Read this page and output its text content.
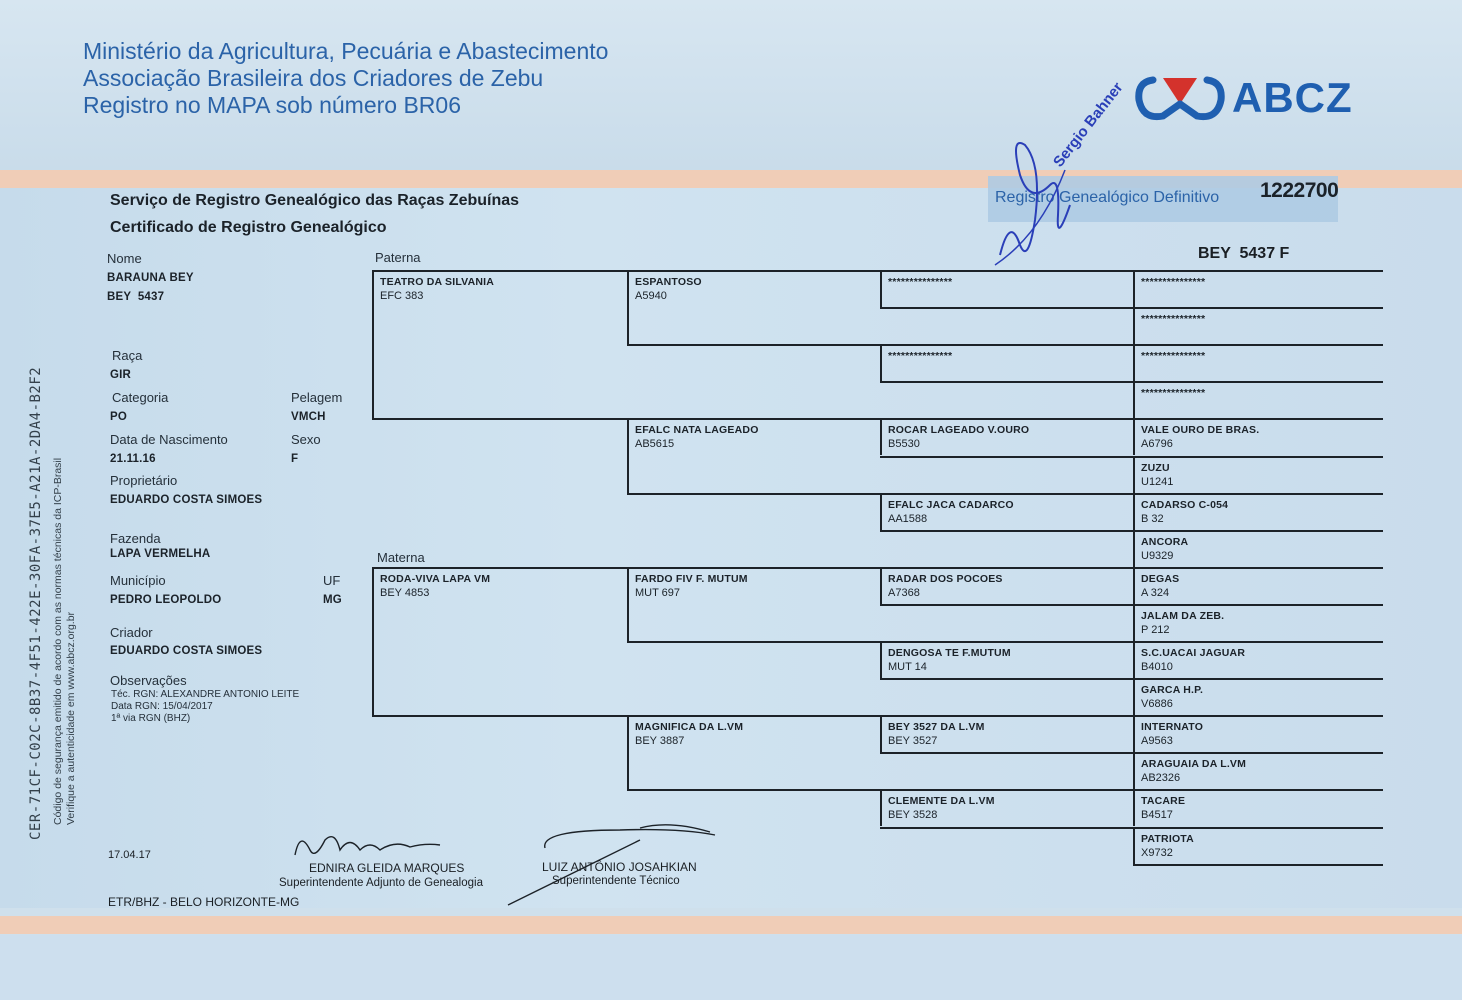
Ministério da Agricultura, Pecuária e Abastecimento
Associação Brasileira dos Criadores de Zebu
Registro no MAPA sob número BR06	ABCZ
Serviço de Registro Genealógico das Raças Zebuínas
Certificado de Registro Genealógico
Registro Genealógico Definitivo 1222700
BEY  5437 F
Sergio Bahner
Nome
BARAUNA BEY
BEY  5437
Raça
GIR
Categoria
PO
Pelagem
VMCH
Data de Nascimento
21.11.16
Sexo
F
Proprietário
EDUARDO COSTA SIMOES
Fazenda
LAPA VERMELHA
Município
PEDRO LEOPOLDO
UF
MG
Criador
EDUARDO COSTA SIMOES
Observações
Téc. RGN: ALEXANDRE ANTONIO LEITE
Data RGN: 15/04/2017
1ª via RGN (BHZ)
CER-71CF-C02C-8B37-4F51-422E-30FA-37E5-A21A-2DA4-B2F2 Código de segurança emitido de acordo com as normas técnicas da ICP-Brasil Verifique a autenticidade em www.abcz.org.br
Paterna
Materna
TEATRO DA SILVANIA
EFC 383
RODA-VIVA LAPA VM
BEY 4853
ESPANTOSO
A5940
EFALC NATA LAGEADO
AB5615
FARDO FIV F. MUTUM
MUT 697
MAGNIFICA DA L.VM
BEY 3887
***************
***************
ROCAR LAGEADO V.OURO
B5530
EFALC JACA CADARCO
AA1588
RADAR DOS POCOES
A7368
DENGOSA TE F.MUTUM
MUT 14
BEY 3527 DA L.VM
BEY 3527
CLEMENTE DA L.VM
BEY 3528
***************
***************
***************
***************
VALE OURO DE BRAS.
A6796
ZUZU
U1241
CADARSO C-054
B 32
ANCORA
U9329
DEGAS
A 324
JALAM DA ZEB.
P 212
S.C.UACAI JAGUAR
B4010
GARCA H.P.
V6886
INTERNATO
A9563
ARAGUAIA DA L.VM
AB2326
TACARE
B4517
PATRIOTA
X9732
17.04.17
EDNIRA GLEIDA MARQUES
Superintendente Adjunto de Genealogia
LUIZ ANTÔNIO JOSAHKIAN
Superintendente Técnico
ETR/BHZ - BELO HORIZONTE-MG
